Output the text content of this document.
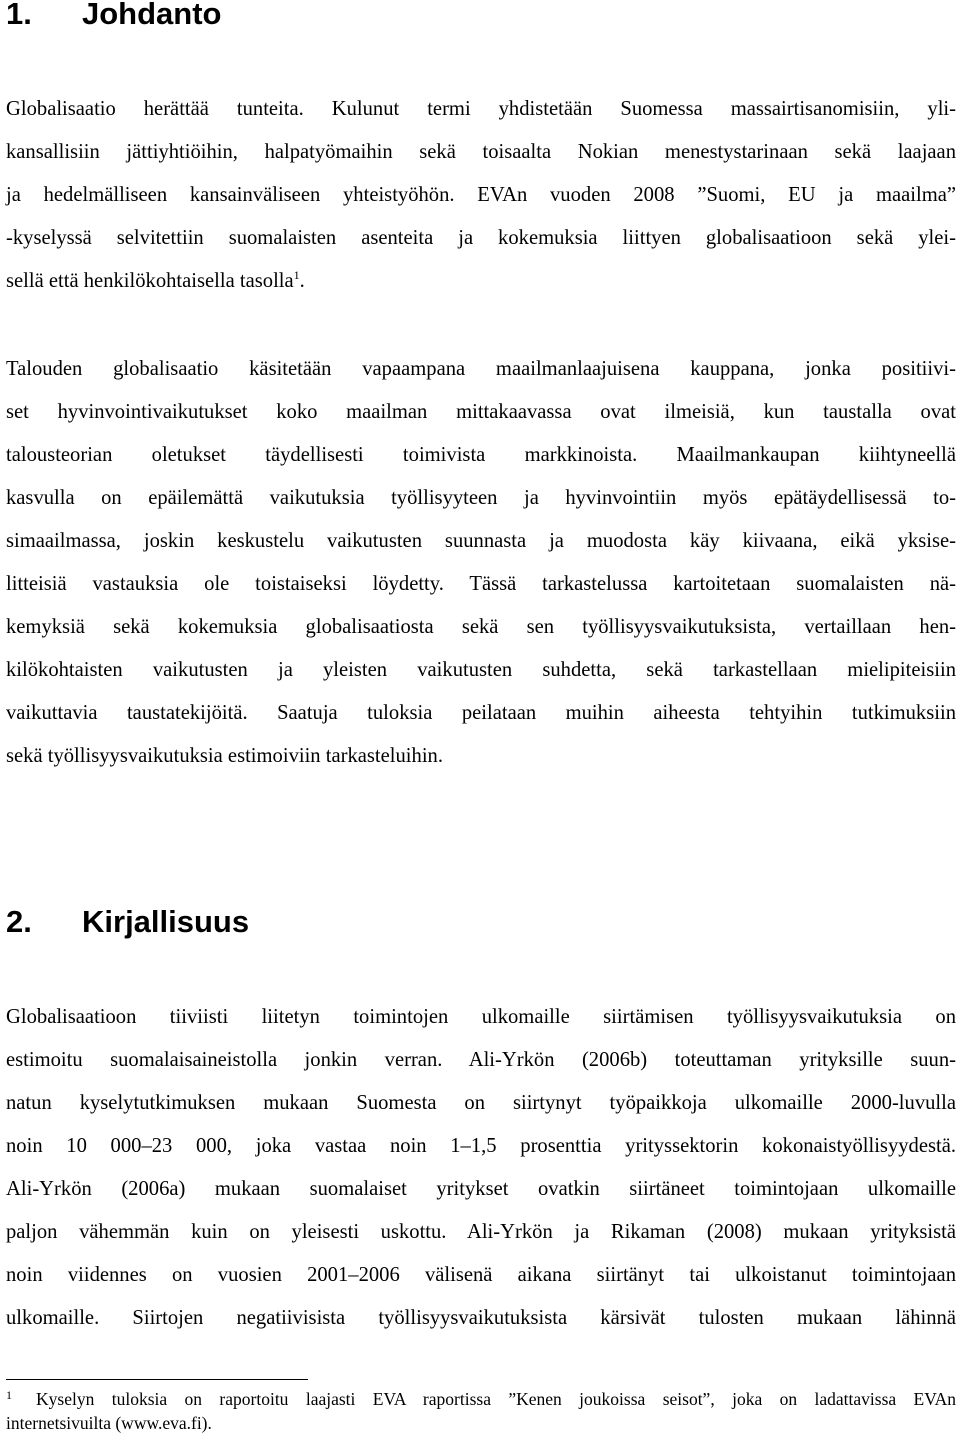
1. Johdanto
Globalisaatio herättää tunteita. Kulunut termi yhdistetään Suomessa massairtisanomisiin, yli-
kansallisiin jättiyhtiöihin, halpatyömaihin sekä toisaalta Nokian menestystarinaan sekä laajaan
ja hedelmälliseen kansainväliseen yhteistyöhön. EVAn vuoden 2008 ”Suomi, EU ja maailma”
-kyselyssä selvitettiin suomalaisten asenteita ja kokemuksia liittyen globalisaatioon sekä ylei-
sellä että henkilökohtaisella tasolla$^1$.
Talouden globalisaatio käsitetään vapaampana maailmanlaajuisena kauppana, jonka positiivi-
set hyvinvointivaikutukset koko maailman mittakaavassa ovat ilmeisiä, kun taustalla ovat
talousteorian oletukset täydellisesti toimivista markkinoista. Maailmankaupan kiihtyneellä
kasvulla on epäilemättä vaikutuksia työllisyyteen ja hyvinvointiin myös epätäydellisessä to-
simaailmassa, joskin keskustelu vaikutusten suunnasta ja muodosta käy kiivaana, eikä yksise-
litteisiä vastauksia ole toistaiseksi löydetty. Tässä tarkastelussa kartoitetaan suomalaisten nä-
kemyksiä sekä kokemuksia globalisaatiosta sekä sen työllisyysvaikutuksista, vertaillaan hen-
kilökohtaisten vaikutusten ja yleisten vaikutusten suhdetta, sekä tarkastellaan mielipiteisiin
vaikuttavia taustatekijöitä. Saatuja tuloksia peilataan muihin aiheesta tehtyihin tutkimuksiin
sekä työllisyysvaikutuksia estimoiviin tarkasteluihin.
2. Kirjallisuus
Globalisaatioon tiiviisti liitetyn toimintojen ulkomaille siirtämisen työllisyysvaikutuksia on
estimoitu suomalaisaineistolla jonkin verran. Ali-Yrkön (2006b) toteuttaman yrityksille suun-
natun kyselytutkimuksen mukaan Suomesta on siirtynyt työpaikkoja ulkomaille 2000-luvulla
noin 10 000–23 000, joka vastaa noin 1–1,5 prosenttia yrityssektorin kokonaistyöllisyydestä.
Ali-Yrkön (2006a) mukaan suomalaiset yritykset ovatkin siirtäneet toimintojaan ulkomaille
paljon vähemmän kuin on yleisesti uskottu. Ali-Yrkön ja Rikaman (2008) mukaan yrityksistä
noin viidennes on vuosien 2001–2006 välisenä aikana siirtänyt tai ulkoistanut toimintojaan
ulkomaille. Siirtojen negatiivisista työllisyysvaikutuksista kärsivät tulosten mukaan lähinnä
1 Kyselyn tuloksia on raportoitu laajasti EVA raportissa ”Kenen joukoissa seisot”, joka on ladattavissa EVAn
internetsivuilta (www.eva.fi).
